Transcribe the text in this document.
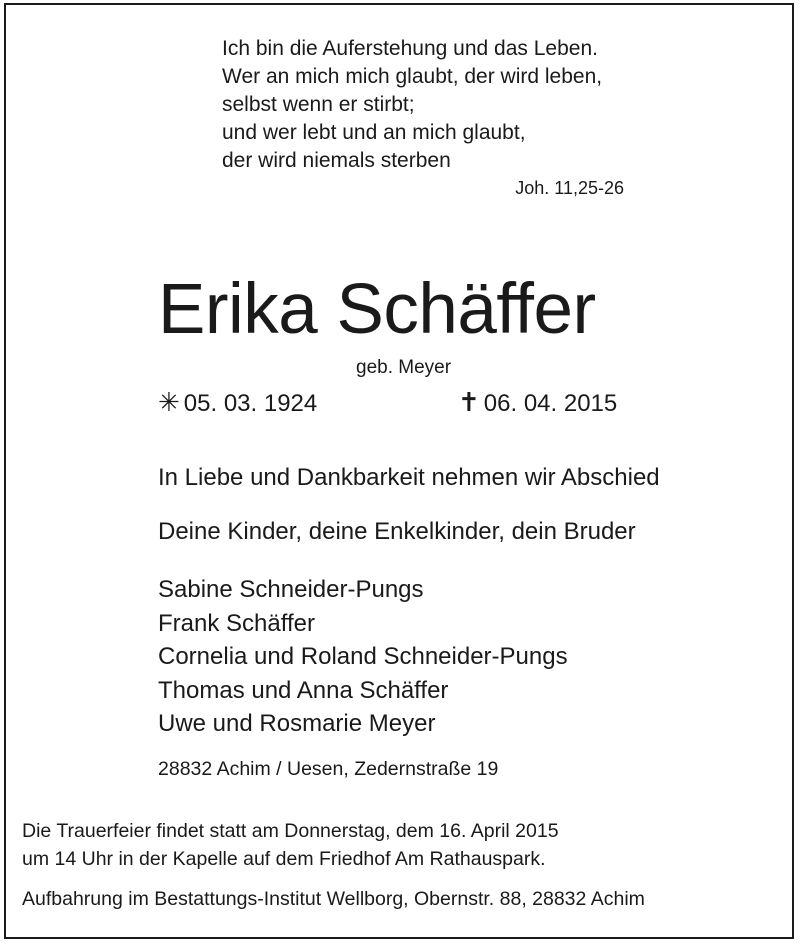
Ich bin die Auferstehung und das Leben.
Wer an mich mich glaubt, der wird leben,
selbst wenn er stirbt;
und wer lebt und an mich glaubt,
der wird niemals sterben
Joh. 11,25-26
Erika Schäffer
geb. Meyer
✳ 05. 03. 1924	✝ 06. 04. 2015
In Liebe und Dankbarkeit nehmen wir Abschied
Deine Kinder, deine Enkelkinder, dein Bruder
Sabine Schneider-Pungs
Frank Schäffer
Cornelia und Roland Schneider-Pungs
Thomas und Anna Schäffer
Uwe und Rosmarie Meyer
28832 Achim / Uesen, Zedernstraße 19
Die Trauerfeier findet statt am Donnerstag, dem 16. April 2015
um 14 Uhr in der Kapelle auf dem Friedhof Am Rathauspark.
Aufbahrung im Bestattungs-Institut Wellborg, Obernstr. 88, 28832 Achim
